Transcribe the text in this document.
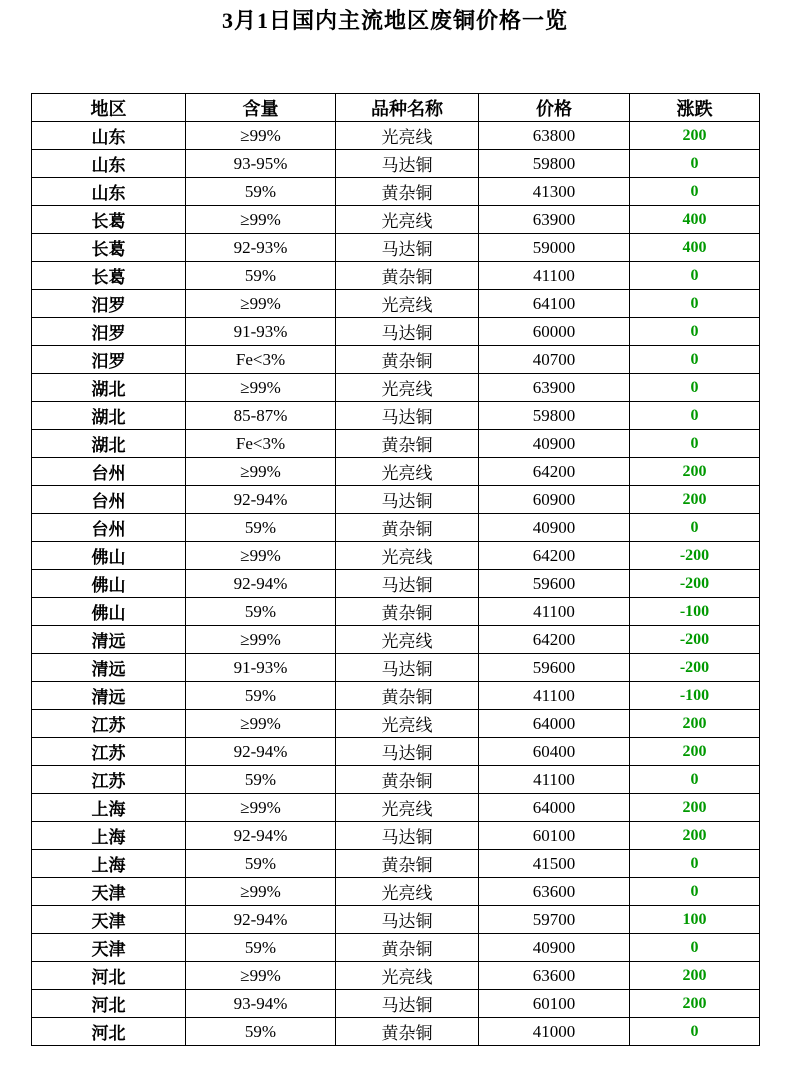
3月1日国内主流地区废铜价格一览
地区	含量	品种名称	价格	涨跌
山东	≥99%	光亮线	63800	200
山东	93-95%	马达铜	59800	0
山东	59%	黄杂铜	41300	0
长葛	≥99%	光亮线	63900	400
长葛	92-93%	马达铜	59000	400
长葛	59%	黄杂铜	41100	0
汨罗	≥99%	光亮线	64100	0
汨罗	91-93%	马达铜	60000	0
汨罗	Fe<3%	黄杂铜	40700	0
湖北	≥99%	光亮线	63900	0
湖北	85-87%	马达铜	59800	0
湖北	Fe<3%	黄杂铜	40900	0
台州	≥99%	光亮线	64200	200
台州	92-94%	马达铜	60900	200
台州	59%	黄杂铜	40900	0
佛山	≥99%	光亮线	64200	-200
佛山	92-94%	马达铜	59600	-200
佛山	59%	黄杂铜	41100	-100
清远	≥99%	光亮线	64200	-200
清远	91-93%	马达铜	59600	-200
清远	59%	黄杂铜	41100	-100
江苏	≥99%	光亮线	64000	200
江苏	92-94%	马达铜	60400	200
江苏	59%	黄杂铜	41100	0
上海	≥99%	光亮线	64000	200
上海	92-94%	马达铜	60100	200
上海	59%	黄杂铜	41500	0
天津	≥99%	光亮线	63600	0
天津	92-94%	马达铜	59700	100
天津	59%	黄杂铜	40900	0
河北	≥99%	光亮线	63600	200
河北	93-94%	马达铜	60100	200
河北	59%	黄杂铜	41000	0
